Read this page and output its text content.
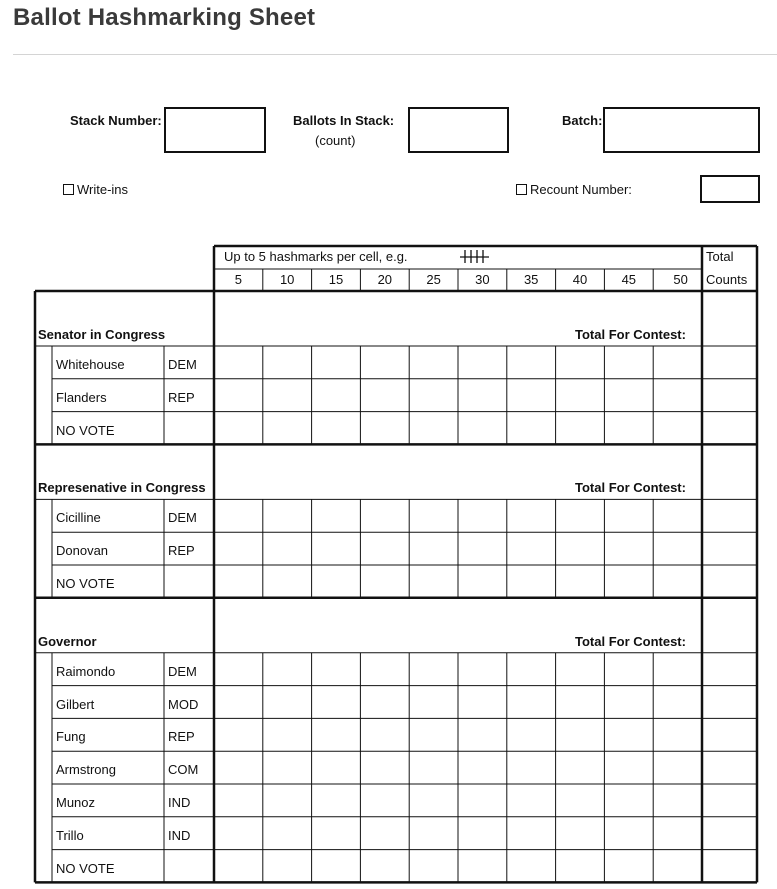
Ballot Hashmarking Sheet
Stack Number:	Ballots In Stack:
(count)
Batch:
Write-ins	Recount Number:
Up to 5 hashmarks per cell, e.g.	Total
Counts
5	10	15	20	25	30	35	40	45	50
Senator in Congress	Total For Contest:
Whitehouse	DEM
Flanders	REP
NO VOTE
Represenative in Congress	Total For Contest:
Cicilline	DEM
Donovan	REP
NO VOTE
Governor	Total For Contest:
Raimondo	DEM
Gilbert	MOD
Fung	REP
Armstrong	COM
Munoz	IND
Trillo	IND
NO VOTE
